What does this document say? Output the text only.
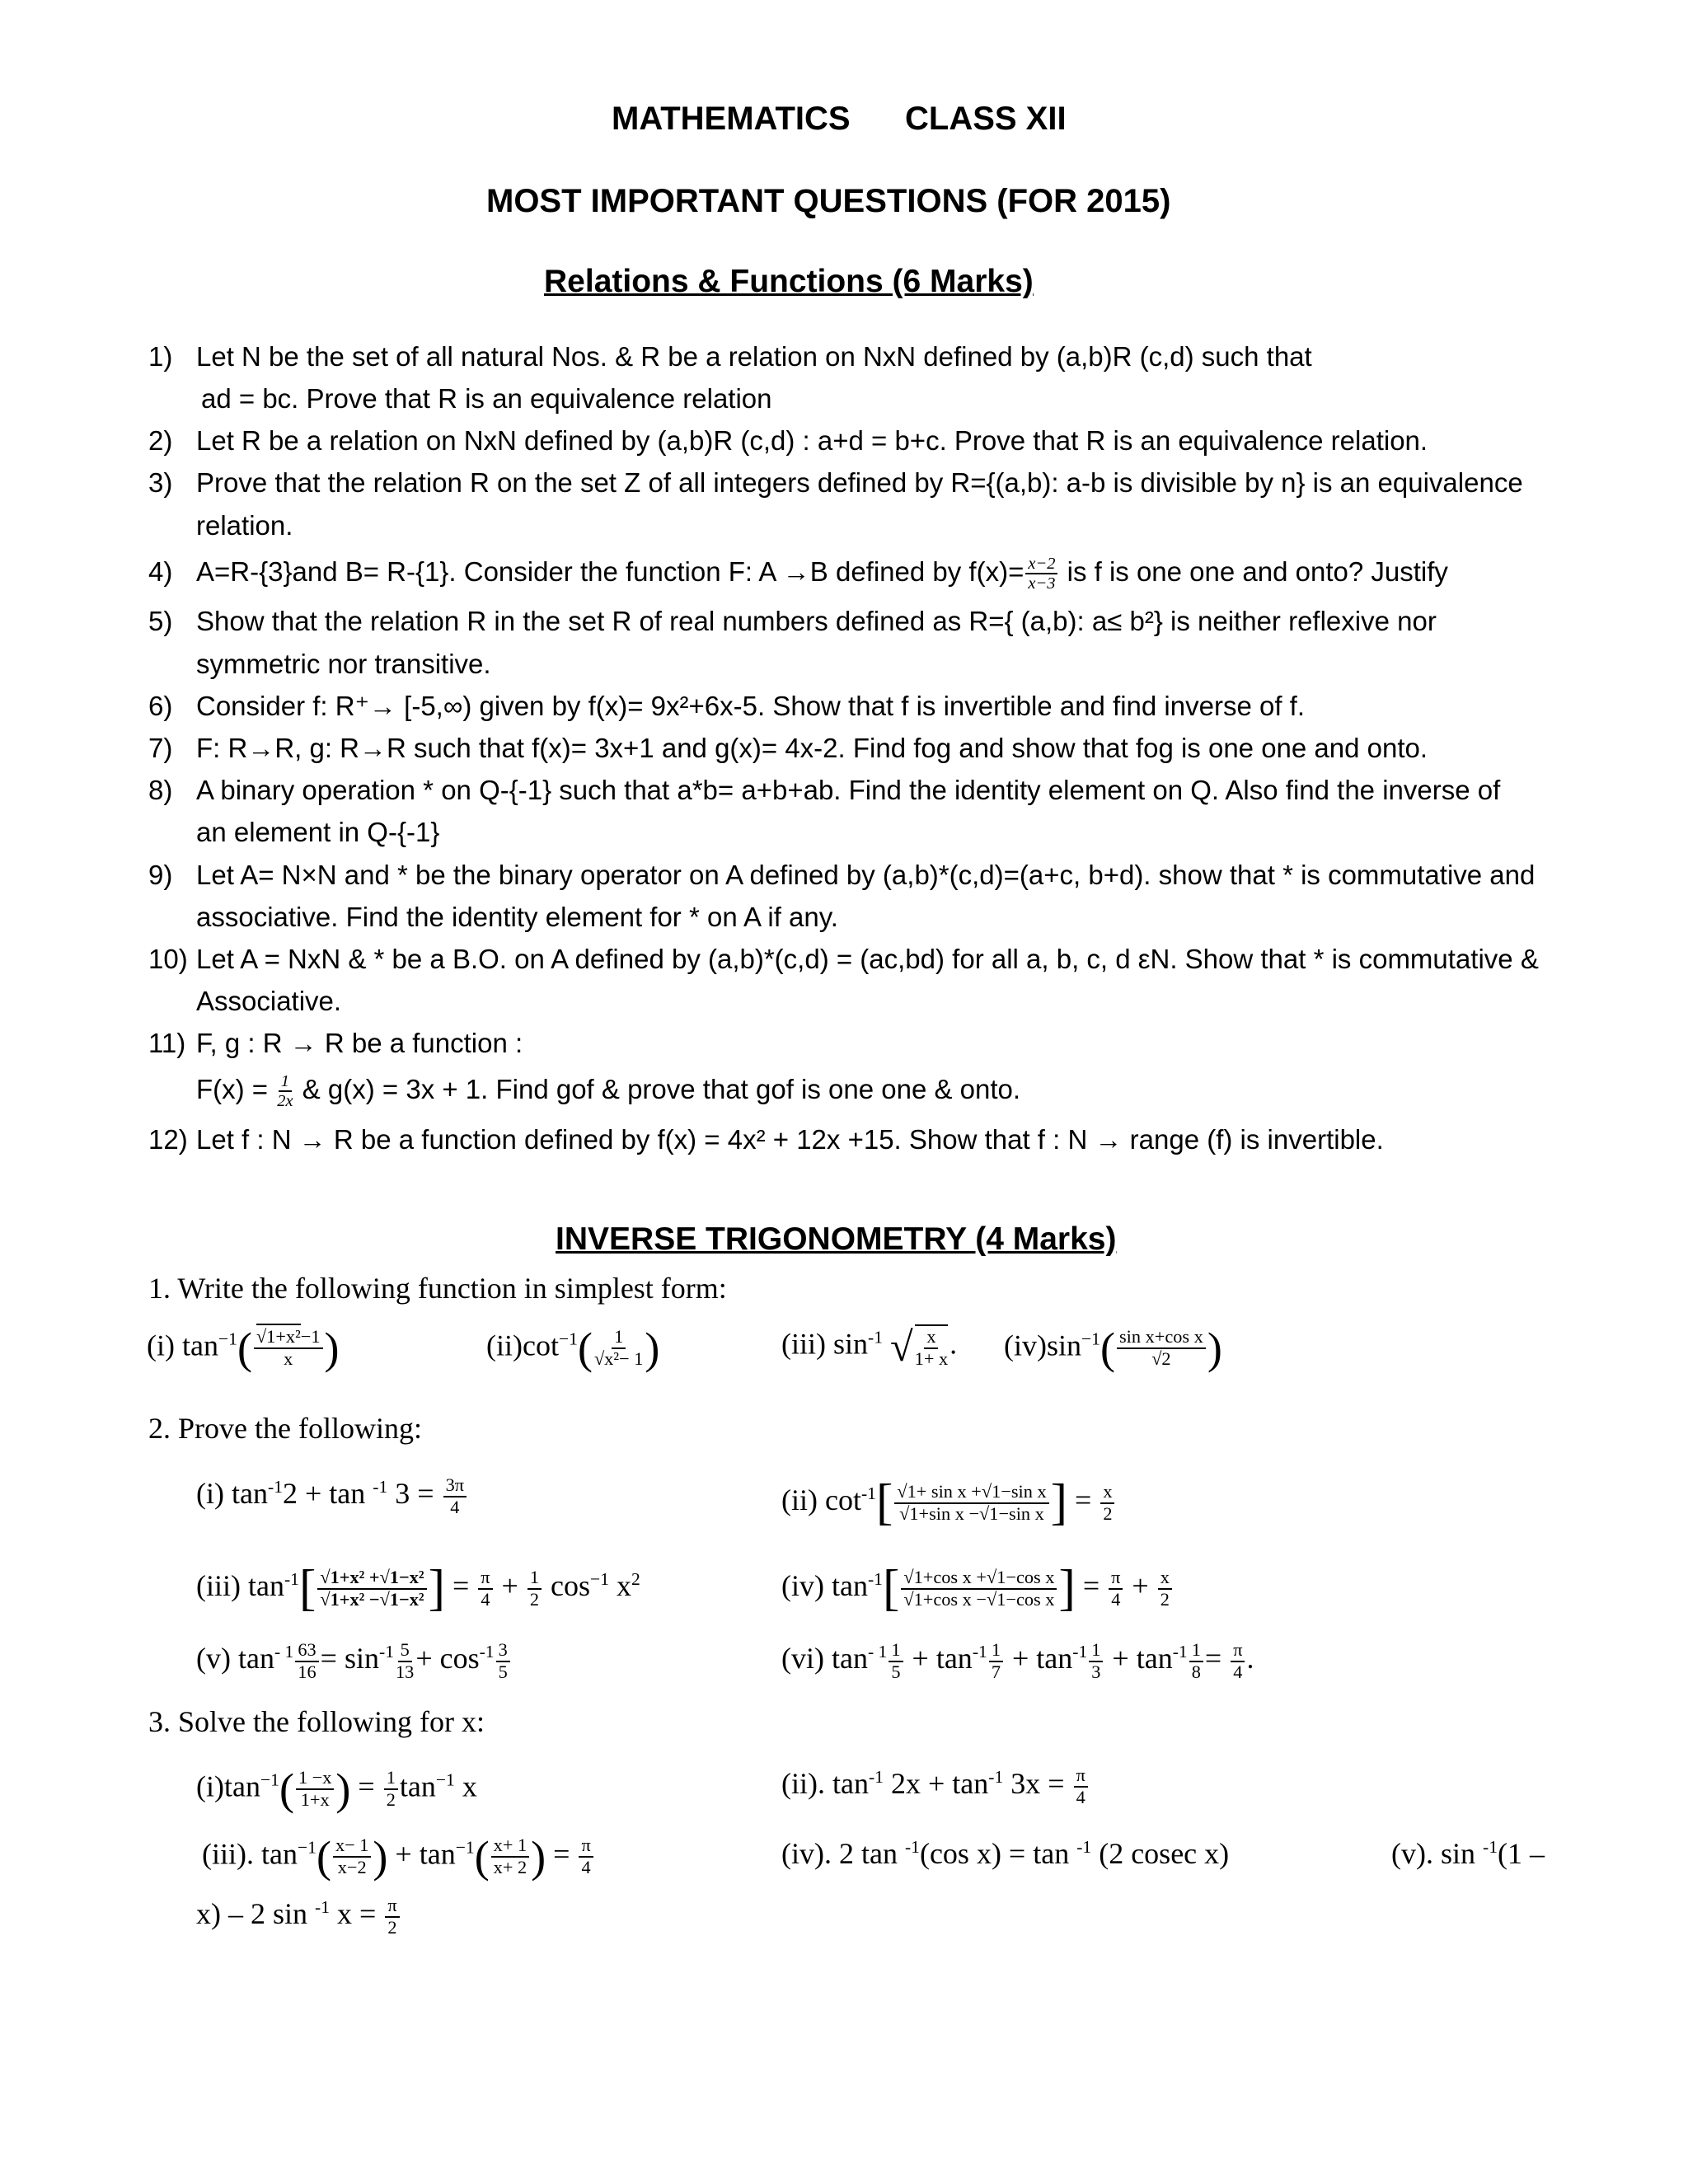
MATHEMATICS CLASS XII
MOST IMPORTANT QUESTIONS (FOR 2015)
Relations & Functions (6 Marks)
1) Let N be the set of all natural Nos. & R be a relation on NxN defined by (a,b)R (c,d) such that
ad = bc. Prove that R is an equivalence relation
2) Let R be a relation on NxN defined by (a,b)R (c,d) : a+d = b+c. Prove that R is an equivalence relation.
3) Prove that the relation R on the set Z of all integers defined by R={(a,b): a-b is divisible by n} is an equivalence
relation.
4) A=R-{3}and B= R-{1}. Consider the function F: A →B defined by $f(x)= \frac{x-2}{x-3}$ is f is one one and onto? Justify
5) Show that the relation R in the set R of real numbers defined as R={ (a,b): a≤ b²} is neither reflexive nor
symmetric nor transitive.
6) Consider f: R⁺→ [-5,∞) given by f(x)= 9x²+6x-5. Show that f is invertible and find inverse of f.
7) F: R→R, g: R→R such that f(x)= 3x+1 and g(x)= 4x-2. Find fog and show that fog is one one and onto.
8) A binary operation * on Q-{-1} such that a*b= a+b+ab. Find the identity element on Q. Also find the inverse of
an element in Q-{-1}
9) Let A= N×N and * be the binary operator on A defined by (a,b)*(c,d)=(a+c, b+d). show that * is commutative and
associative. Find the identity element for * on A if any.
10) Let A = NxN & * be a B.O. on A defined by (a,b)*(c,d) = (ac,bd) for all a, b, c, d εN. Show that * is commutative &
Associative.
11) F, g : R → R be a function :
$F(x) = \frac{1}{2x}$ & g(x) = 3x + 1. Find gof & prove that gof is one one & onto.
12) Let f : N → R be a function defined by f(x) = 4x² + 12x +15. Show that f : N → range (f) is invertible.
INVERSE TRIGONOMETRY (4 Marks)
1. Write the following function in simplest form:
(i) $\tan^{-1}( \frac{\text{√1+x²−1}}{x}$ )	$(ii)\cot^{-1}( \frac{1}{\text{√x²− 1}}$ )	(iii) $\sin^{-1}$ √ $\frac{x}{1+ x}$ . $(iv)\sin^{-1}( \frac{\text{sin x+cos x}}{√2}$ )
2. Prove the following:
(i) $\tan^{-1}2 + \tan ^{-1}$ $3 = \frac{3\pi}{4}$	(ii) $\cot^{-1}[ \frac{\text{√1+ sin x +√1−sin x}}{\text{√1+sin x −√1−sin x}}$ ] = $\frac{x}{2}$
(iii) $\tan^{-1}[ \frac{\text{√1+x² +√1−x²}}{\text{√1+x² −√1−x²}}$ ] = $\frac{\pi}{4} + \frac{1}{2} \cos^{-1} x^2$	(iv) $\tan^{-1}[ \frac{\text{√1+cos x +√1−cos x}}{\text{√1+cos x −√1−cos x}}$ ] = $\frac{\pi}{4} + \frac{x}{2}$
(v) $\tan^{- 1} \frac{63}{16} = \sin^{-1} \frac{5}{13} + \cos^{-1} \frac{3}{5}$	(vi) $\tan^{- 1} \frac{1}{5} + \tan^{-1} \frac{1}{7} + \tan^{-1} \frac{1}{3} + \tan^{-1} \frac{1}{8} = \frac{\pi}{4}$ .
3. Solve the following for x:
$(i)\tan^{-1}( \frac{1 -x}{1+x}$ ) = $\frac{1}{2} \tan^{-1} x$	(ii). $\tan^{-1} 2x + \tan^{-1} 3x = \frac{\pi}{4}$
(iii). $\tan^{-1}( \frac{x- 1}{x-2}$ ) + $\tan^{-1}( \frac{x+ 1}{x+ 2}$ ) = $\frac{\pi}{4}$	(iv). 2 tan $^{-1}$(cos x) = tan $^{-1}$ (2 cosec x)	(v). sin $^{-1}$(1 –
x) – 2 sin $^{-1}$ $x = \frac{\pi}{2}$
